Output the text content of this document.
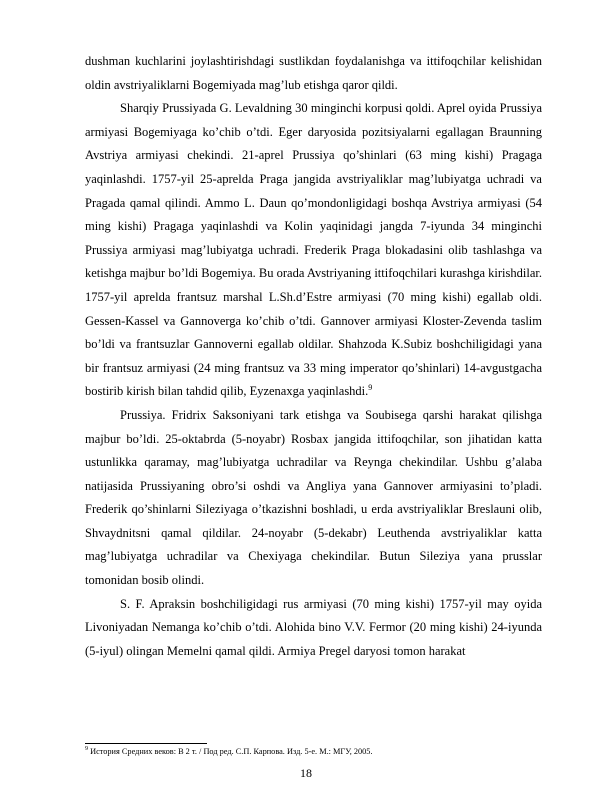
dushman kuchlarini joylashtirishdagi sustlikdan foydalanishga va ittifoqchilar kelishidan oldin avstriyaliklarni Bogemiyada mag’lub etishga qaror qildi.

Sharqiy Prussiyada G. Levaldning 30 minginchi korpusi qoldi. Aprel oyida Prussiya armiyasi Bogemiyaga ko’chib o’tdi. Eger daryosida pozitsiyalarni egallagan Braunning Avstriya armiyasi chekindi. 21-aprel Prussiya qo’shinlari (63 ming kishi) Pragaga yaqinlashdi. 1757-yil 25-aprelda Praga jangida avstriyaliklar mag’lubiyatga uchradi va Pragada qamal qilindi. Ammo L. Daun qo’mondonligidagi boshqa Avstriya armiyasi (54 ming kishi) Pragaga yaqinlashdi va Kolin yaqinidagi jangda 7-iyunda 34 minginchi Prussiya armiyasi mag’lubiyatga uchradi. Frederik Praga blokadasini olib tashlashga va ketishga majbur bo’ldi Bogemiya. Bu orada Avstriyaning ittifoqchilari kurashga kirishdilar. 1757-yil aprelda frantsuz marshal L.Sh.d’Estre armiyasi (70 ming kishi) egallab oldi. Gessen-Kassel va Gannoverga ko’chib o’tdi. Gannover armiyasi Kloster-Zevenda taslim bo’ldi va frantsuzlar Gannoverni egallab oldilar. Shahzoda K.Subiz boshchiligidagi yana bir frantsuz armiyasi (24 ming frantsuz va 33 ming imperator qo’shinlari) 14-avgustgacha bostirib kirish bilan tahdid qilib, Eyzenaxga yaqinlashdi.$^9$

Prussiya. Fridrix Saksoniyani tark etishga va Soubisega qarshi harakat qilishga majbur bo’ldi. 25-oktabrda (5-noyabr) Rosbax jangida ittifoqchilar, son jihatidan katta ustunlikka qaramay, mag’lubiyatga uchradilar va Reynga chekindilar. Ushbu g’alaba natijasida Prussiyaning obro’si oshdi va Angliya yana Gannover armiyasini to’pladi. Frederik qo’shinlarni Sileziyaga o’tkazishni boshladi, u erda avstriyaliklar Breslauni olib, Shvaydnitsni qamal qildilar. 24-noyabr (5-dekabr) Leuthenda avstriyaliklar katta mag’lubiyatga uchradilar va Chexiyaga chekindilar. Butun Sileziya yana prusslar tomonidan bosib olindi.

S. F. Apraksin boshchiligidagi rus armiyasi (70 ming kishi) 1757-yil may oyida Livoniyadan Nemanga ko’chib o’tdi. Alohida bino V.V. Fermor (20 ming kishi) 24-iyunda (5-iyul) olingan Memelni qamal qildi. Armiya Pregel daryosi tomon harakat

$^9$ История Средних веков: В 2 т. / Под ред. С.П. Карпова. Изд. 5-е. М.: МГУ, 2005.
18
